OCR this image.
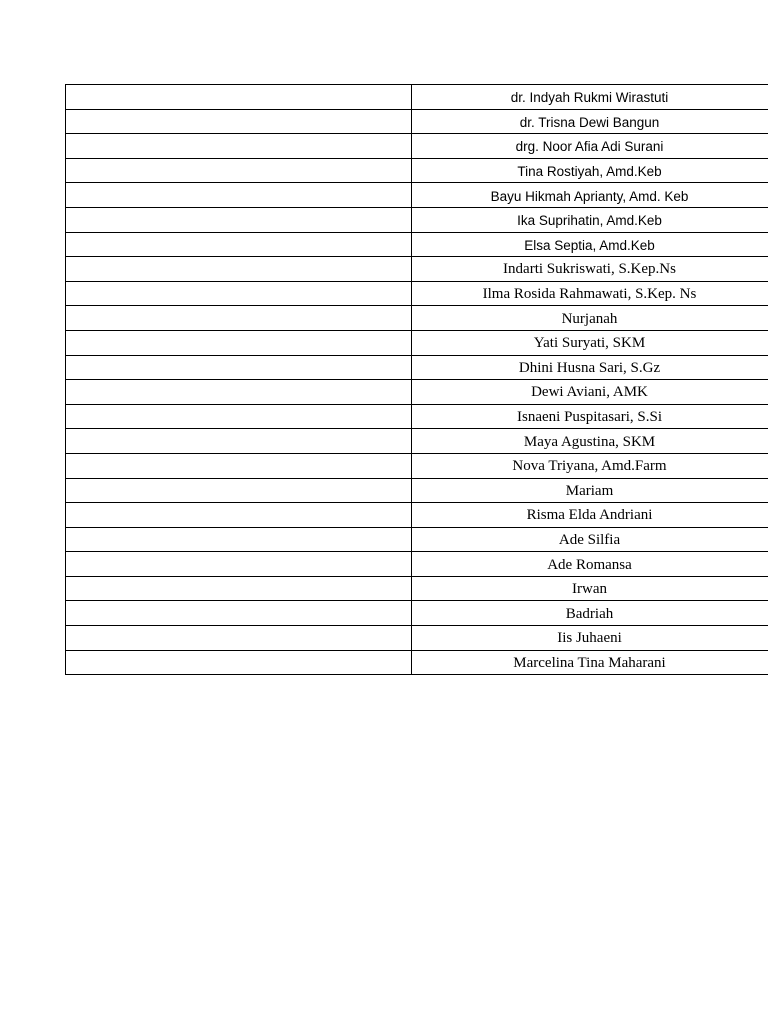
	dr. Indyah Rukmi Wirastuti

	dr. Trisna Dewi Bangun

	drg. Noor Afia Adi Surani

	Tina Rostiyah, Amd.Keb

	Bayu Hikmah Aprianty, Amd. Keb

	Ika Suprihatin, Amd.Keb

	Elsa Septia, Amd.Keb

	Indarti Sukriswati, S.Kep.Ns

	Ilma Rosida Rahmawati, S.Kep. Ns

	Nurjanah

	Yati Suryati, SKM

	Dhini Husna Sari, S.Gz

	Dewi Aviani, AMK

	Isnaeni Puspitasari, S.Si

	Maya Agustina, SKM

	Nova Triyana, Amd.Farm

	Mariam

	Risma Elda Andriani

	Ade Silfia

	Ade Romansa

	Irwan

	Badriah

	Iis Juhaeni

	Marcelina Tina Maharani
